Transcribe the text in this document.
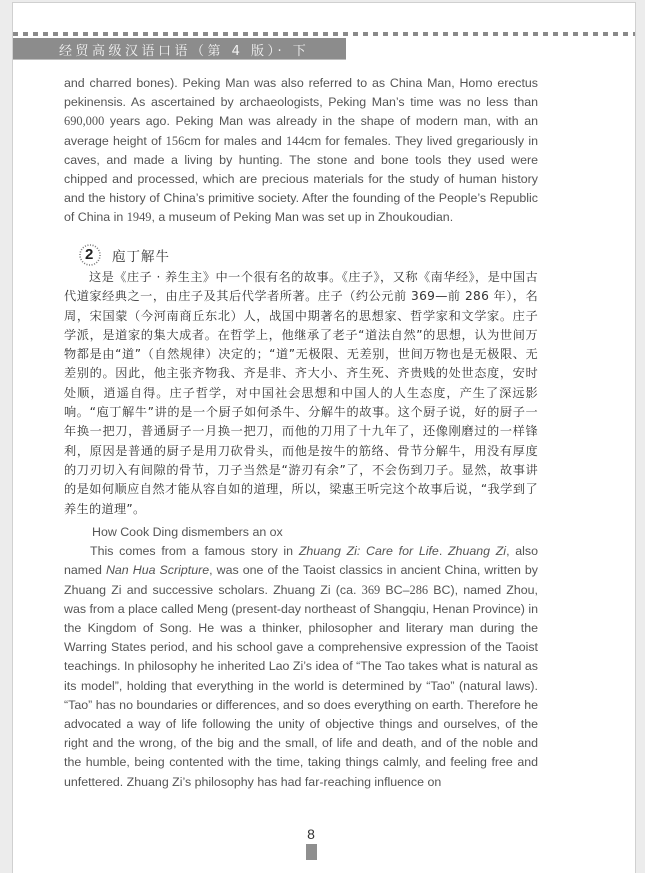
经贸高级汉语口语（第 4 版）· 下

and charred bones). Peking Man was also referred to as China Man, Homo erectus pekinensis. As ascertained by archaeologists, Peking Man’s time was no less than 690,000 years ago. Peking Man was already in the shape of modern man, with an average height of 156cm for males and 144cm for females. They lived gregariously in caves, and made a living by hunting. The stone and bone tools they used were chipped and processed, which are precious materials for the study of human history and the history of China’s primitive society. After the founding of the People’s Republic of China in 1949, a museum of Peking Man was set up in Zhoukoudian.

2 庖丁解牛

这是《庄子 · 养生主》中一个很有名的故事。《庄子》，又称《南华经》，是中国古代道家经典之一，由庄子及其后代学者所著。庄子（约公元前 369—前 286 年），名周，宋国蒙（今河南商丘东北）人，战国中期著名的思想家、哲学家和文学家。庄子学派，是道家的集大成者。在哲学上，他继承了老子“道法自然”的思想，认为世间万物都是由“道”（自然规律）决定的；“道”无极限、无差别，世间万物也是无极限、无差别的。因此，他主张齐物我、齐是非、齐大小、齐生死、齐贵贱的处世态度，安时处顺，逍遥自得。庄子哲学，对中国社会思想和中国人的人生态度，产生了深远影响。“庖丁解牛”讲的是一个厨子如何杀牛、分解牛的故事。这个厨子说，好的厨子一年换一把刀，普通厨子一月换一把刀，而他的刀用了十九年了，还像刚磨过的一样锋利，原因是普通的厨子是用刀砍骨头，而他是按牛的筋络、骨节分解牛，用没有厚度的刀刃切入有间隙的骨节，刀子当然是“游刃有余”了，不会伤到刀子。显然，故事讲的是如何顺应自然才能从容自如的道理，所以，梁惠王听完这个故事后说，“我学到了养生的道理”。

How Cook Ding dismembers an ox

This comes from a famous story in Zhuang Zi: Care for Life. Zhuang Zi, also named Nan Hua Scripture, was one of the Taoist classics in ancient China, written by Zhuang Zi and successive scholars. Zhuang Zi (ca. 369 BC–286 BC), named Zhou, was from a place called Meng (present-day northeast of Shangqiu, Henan Province) in the Kingdom of Song. He was a thinker, philosopher and literary man during the Warring States period, and his school gave a comprehensive expression of the Taoist teachings. In philosophy he inherited Lao Zi’s idea of “The Tao takes what is natural as its model”, holding that everything in the world is determined by “Tao” (natural laws). “Tao” has no boundaries or differences, and so does everything on earth. Therefore he advocated a way of life following the unity of objective things and ourselves, of the right and the wrong, of the big and the small, of life and death, and of the noble and the humble, being contented with the time, taking things calmly, and feeling free and unfettered. Zhuang Zi’s philosophy has had far-reaching influence on

8
